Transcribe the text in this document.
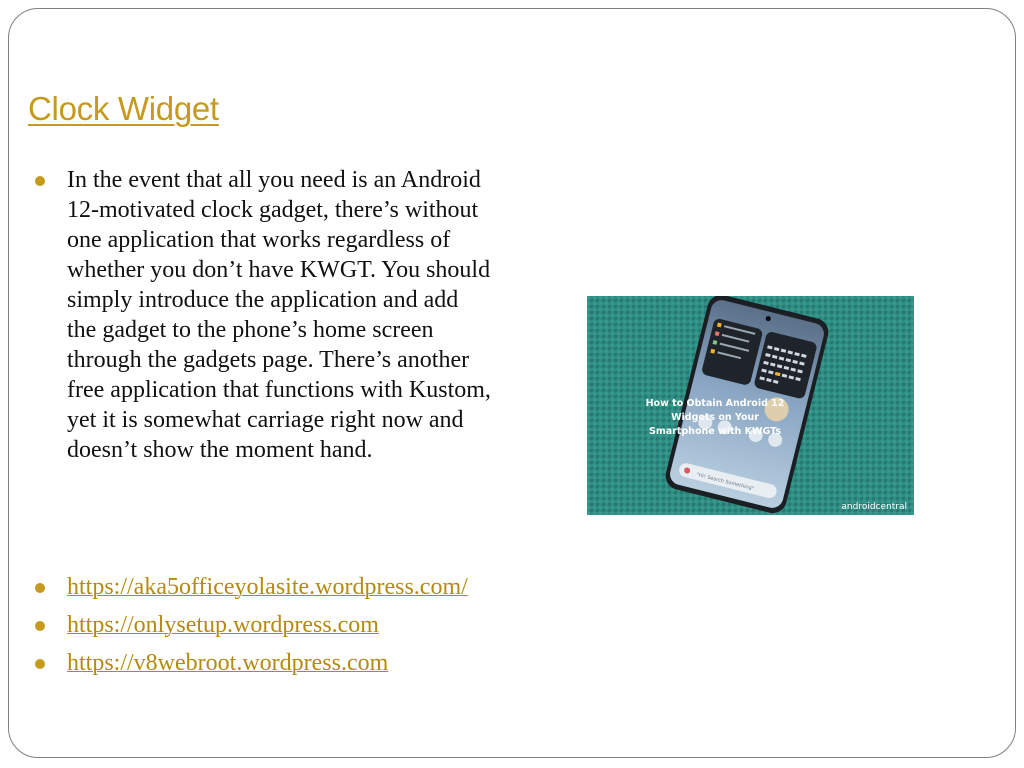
Clock Widget

In the event that all you need is an Android 12-motivated clock gadget, there’s without one application that works regardless of whether you don’t have KWGT. You should simply introduce the application and add the gadget to the phone’s home screen through the gadgets page. There’s another free application that functions with Kustom, yet it is somewhat carriage right now and doesn’t show the moment hand.

https://aka5officeyolasite.wordpress.com/
https://onlysetup.wordpress.com
https://v8webroot.wordpress.com
"Hi! Search Something"
How to Obtain Android 12
Widgets on Your
Smartphone with KWGTs
androidcentral
